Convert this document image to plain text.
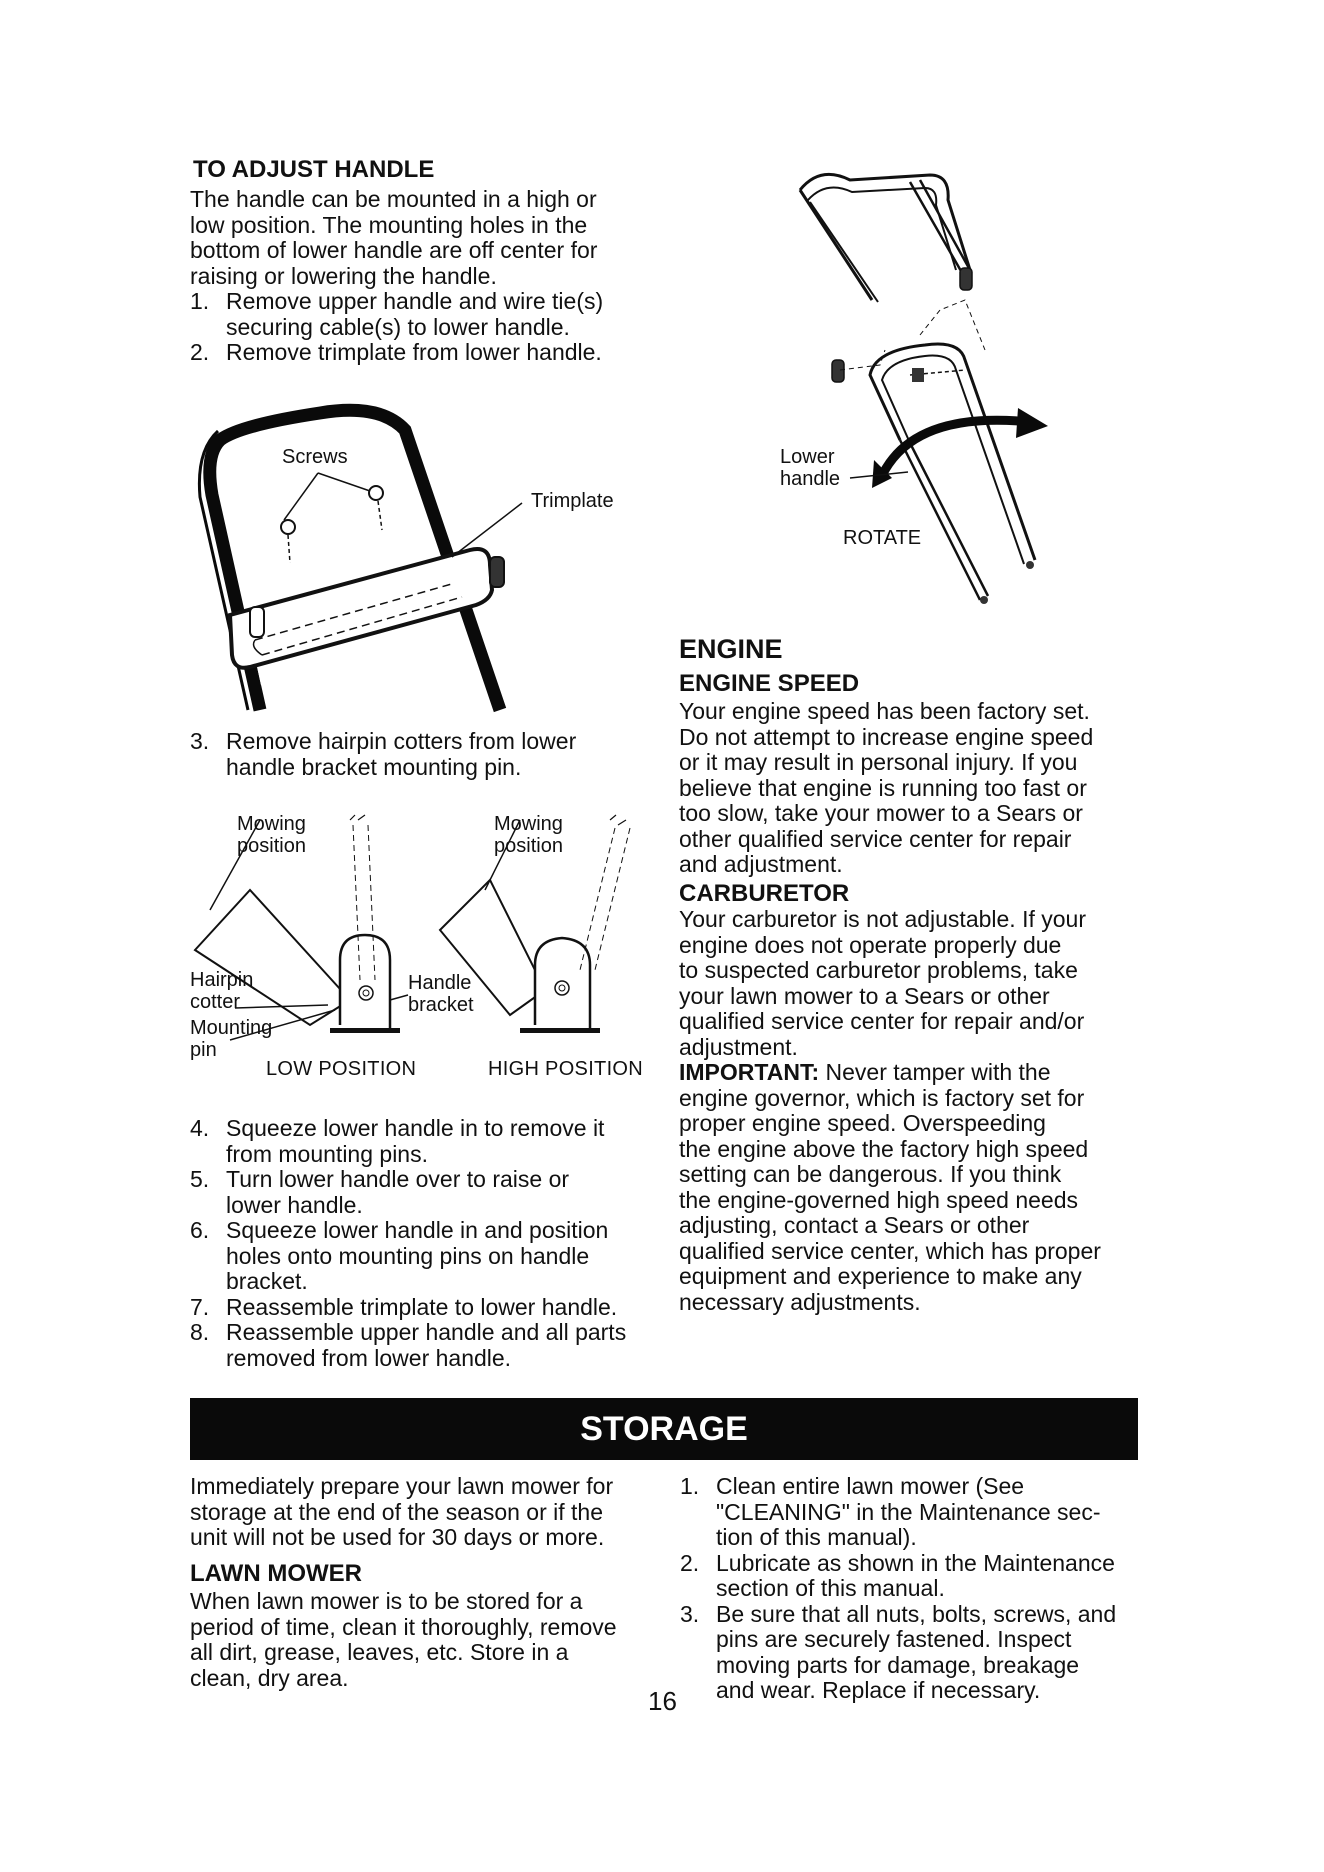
TO ADJUST HANDLE
The handle can be mounted in a high or
low position. The mounting holes in the
bottom of lower handle are off center for
raising or lowering the handle.
1. Remove upper handle and wire tie(s)
securing cable(s) to lower handle.
2. Remove trimplate from lower handle.
Screws
Trimplate
3. Remove hairpin cotters from lower
handle bracket mounting pin.
Mowing
position
Mowing
position
Hairpin
cotter
Mounting
pin
Handle
bracket
LOW POSITION	HIGH POSITION
4. Squeeze lower handle in to remove it
from mounting pins.
5. Turn lower handle over to raise or
lower handle.
6. Squeeze lower handle in and position
holes onto mounting pins on handle
bracket.
7. Reassemble trimplate to lower handle.
8. Reassemble upper handle and all parts
removed from lower handle.
Lower
handle
ROTATE
ENGINE
ENGINE SPEED
Your engine speed has been factory set.
Do not attempt to increase engine speed
or it may result in personal injury. If you
believe that engine is running too fast or
too slow, take your mower to a Sears or
other qualified service center for repair
and adjustment.
CARBURETOR
Your carburetor is not adjustable. If your
engine does not operate properly due
to suspected carburetor problems, take
your lawn mower to a Sears or other
qualified service center for repair and/or
adjustment.
IMPORTANT: Never tamper with the
engine governor, which is factory set for
proper engine speed. Overspeeding
the engine above the factory high speed
setting can be dangerous. If you think
the engine-governed high speed needs
adjusting, contact a Sears or other
qualified service center, which has proper
equipment and experience to make any
necessary adjustments.
STORAGE
Immediately prepare your lawn mower for
storage at the end of the season or if the
unit will not be used for 30 days or more.
LAWN MOWER
When lawn mower is to be stored for a
period of time, clean it thoroughly, remove
all dirt, grease, leaves, etc. Store in a
clean, dry area.
1. Clean entire lawn mower (See
"CLEANING" in the Maintenance sec-
tion of this manual).
2. Lubricate as shown in the Maintenance
section of this manual.
3. Be sure that all nuts, bolts, screws, and
pins are securely fastened. Inspect
moving parts for damage, breakage
and wear. Replace if necessary.
16
